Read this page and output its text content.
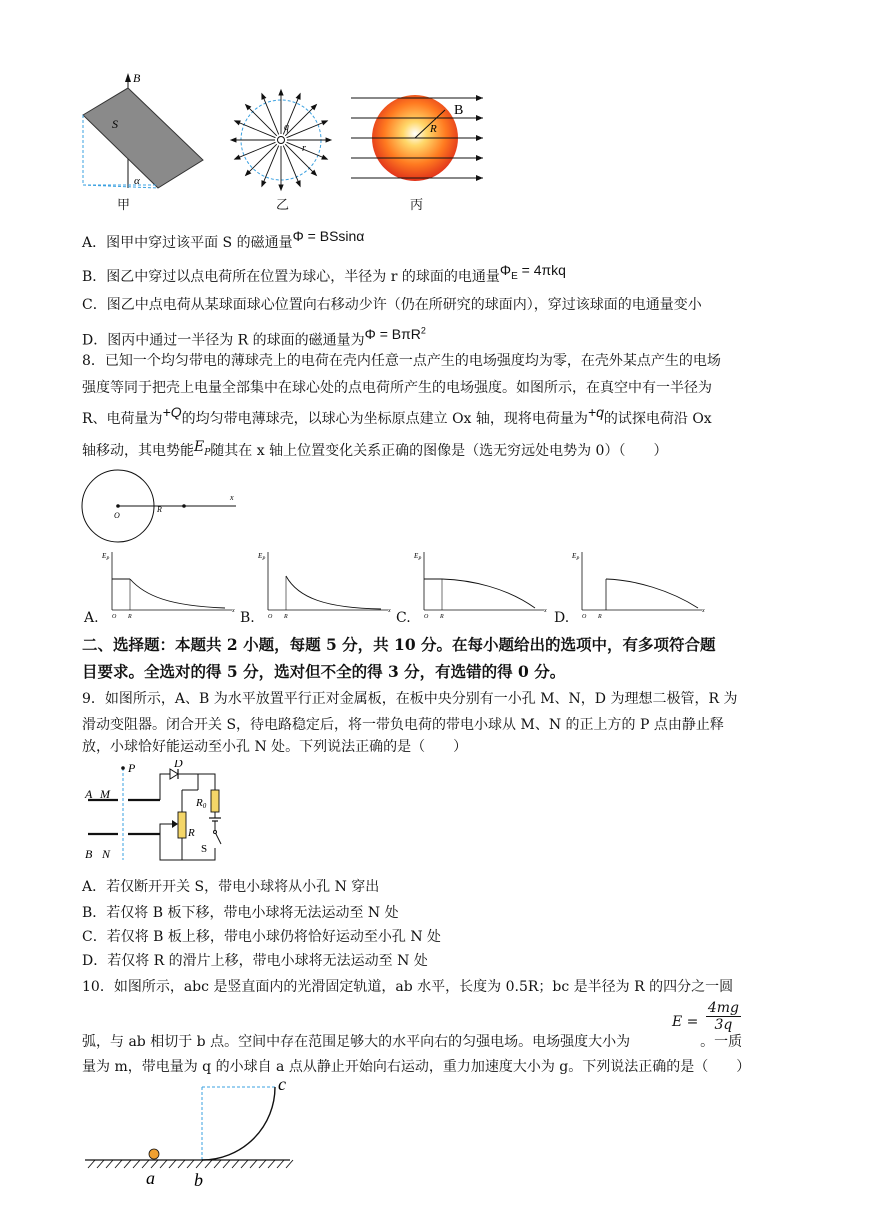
B
S
α
甲
q
r
乙
B
R
丙
A．图甲中穿过该平面 S 的磁通量Φ = BSsinα
B．图乙中穿过以点电荷所在位置为球心，半径为 r 的球面的电通量$\Phi_E = 4\pi kq$
C．图乙中点电荷从某球面球心位置向右移动少许（仍在所研究的球面内），穿过该球面的电通量变小
D．图丙中通过一半径为 R 的球面的磁通量为Φ = BπR$^2$
8．已知一个均匀带电的薄球壳上的电荷在壳内任意一点产生的电场强度均为零，在壳外某点产生的电场
强度等同于把壳上电量全部集中在球心处的点电荷所产生的电场强度。如图所示，在真空中有一半径为
R、电荷量为+Q的均匀带电薄球壳，以球心为坐标原点建立 Ox 轴，现将电荷量为+q的试探电荷沿 Ox
轴移动，其电势能$E_P$随其在 x 轴上位置变化关系正确的图像是（选无穷远处电势为 0）（　　）
O
R
x
$E_P$
O R
x
A.
$E_P$
O R
x
B.
$E_P$
O R
x
C.
$E_P$
O R
x
D.
二、选择题：本题共 2 小题，每题 5 分，共 10 分。在每小题给出的选项中，有多项符合题
目要求。全选对的得 5 分，选对但不全的得 3 分，有选错的得 0 分。
9．如图所示，A、B 为水平放置平行正对金属板，在板中央分别有一小孔 M、N，D 为理想二极管，R 为
滑动变阻器。闭合开关 S，待电路稳定后，将一带负电荷的带电小球从 M、N 的正上方的 P 点由静止释
放，小球恰好能运动至小孔 N 处。下列说法正确的是（　　）
A M
B N
P	D
R0
R
S
A．若仅断开开关 S，带电小球将从小孔 N 穿出
B．若仅将 B 板下移，带电小球将无法运动至 N 处
C．若仅将 B 板上移，带电小球仍将恰好运动至小孔 N 处
D．若仅将 R 的滑片上移，带电小球将无法运动至 N 处
10．如图所示，abc 是竖直面内的光滑固定轨道，ab 水平，长度为 0.5R；bc 是半径为 R 的四分之一圆
$E = \frac{4mg}{3q}$
弧，与 ab 相切于 b 点。空间中存在范围足够大的水平向右的匀强电场。电场强度大小为	。一质
量为 m，带电量为 q 的小球自 a 点从静止开始向右运动，重力加速度大小为 g。下列说法正确的是（　　）
a b
c
